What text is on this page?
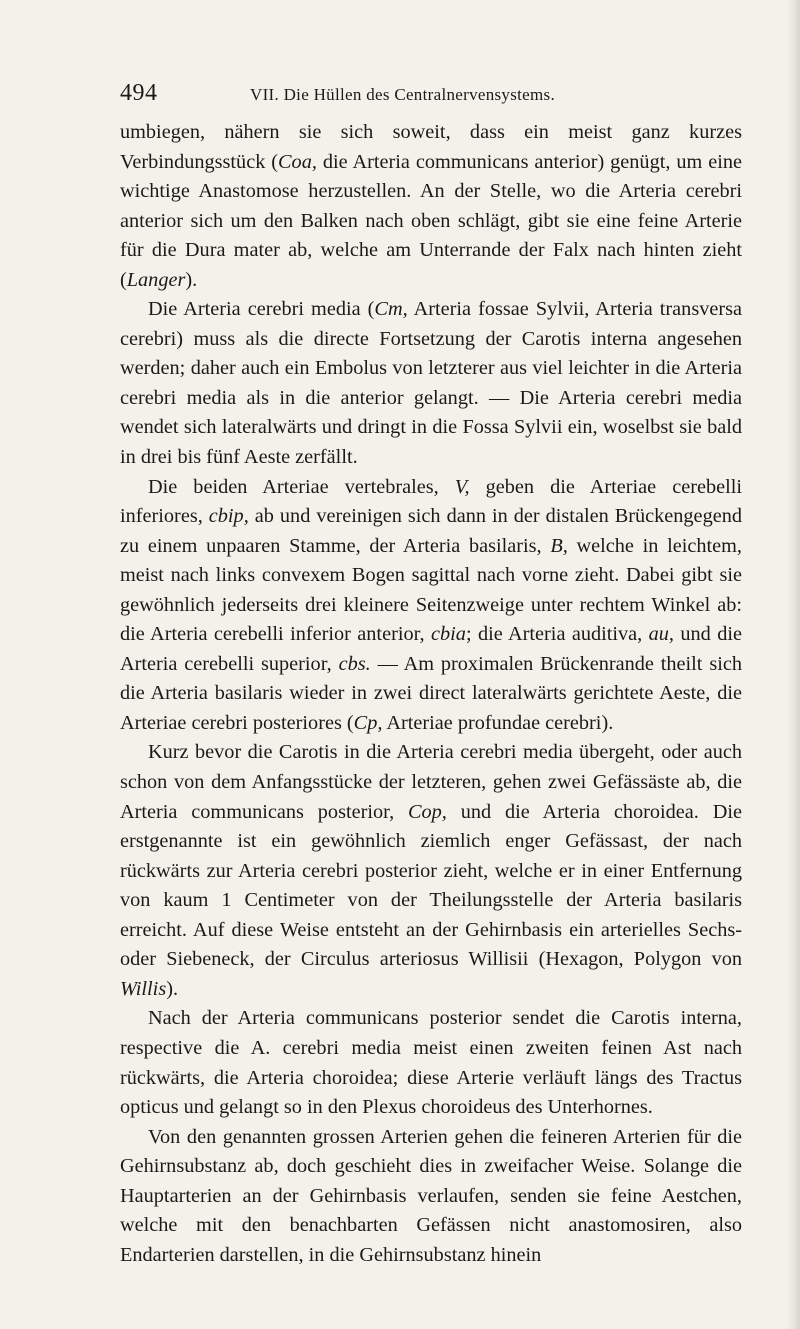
494	VII. Die Hüllen des Centralnervensystems.

umbiegen, nähern sie sich soweit, dass ein meist ganz kurzes Verbindungsstück (Coa, die Arteria communicans anterior) genügt, um eine wichtige Anastomose herzustellen. An der Stelle, wo die Arteria cerebri anterior sich um den Balken nach oben schlägt, gibt sie eine feine Arterie für die Dura mater ab, welche am Unterrande der Falx nach hinten zieht (Langer).

Die Arteria cerebri media (Cm, Arteria fossae Sylvii, Arteria transversa cerebri) muss als die directe Fortsetzung der Carotis interna angesehen werden; daher auch ein Embolus von letzterer aus viel leichter in die Arteria cerebri media als in die anterior gelangt. — Die Arteria cerebri media wendet sich lateralwärts und dringt in die Fossa Sylvii ein, woselbst sie bald in drei bis fünf Aeste zerfällt.

Die beiden Arteriae vertebrales, V, geben die Arteriae cerebelli inferiores, cbip, ab und vereinigen sich dann in der distalen Brückengegend zu einem unpaaren Stamme, der Arteria basilaris, B, welche in leichtem, meist nach links convexem Bogen sagittal nach vorne zieht. Dabei gibt sie gewöhnlich jederseits drei kleinere Seitenzweige unter rechtem Winkel ab: die Arteria cerebelli inferior anterior, cbia; die Arteria auditiva, au, und die Arteria cerebelli superior, cbs. — Am proximalen Brückenrande theilt sich die Arteria basilaris wieder in zwei direct lateralwärts gerichtete Aeste, die Arteriae cerebri posteriores (Cp, Arteriae profundae cerebri).

Kurz bevor die Carotis in die Arteria cerebri media übergeht, oder auch schon von dem Anfangsstücke der letzteren, gehen zwei Gefässäste ab, die Arteria communicans posterior, Cop, und die Arteria choroidea. Die erstgenannte ist ein gewöhnlich ziemlich enger Gefässast, der nach rückwärts zur Arteria cerebri posterior zieht, welche er in einer Entfernung von kaum 1 Centimeter von der Theilungsstelle der Arteria basilaris erreicht. Auf diese Weise entsteht an der Gehirnbasis ein arterielles Sechs- oder Siebeneck, der Circulus arteriosus Willisii (Hexagon, Polygon von Willis).

Nach der Arteria communicans posterior sendet die Carotis interna, respective die A. cerebri media meist einen zweiten feinen Ast nach rückwärts, die Arteria choroidea; diese Arterie verläuft längs des Tractus opticus und gelangt so in den Plexus choroideus des Unterhornes.

Von den genannten grossen Arterien gehen die feineren Arterien für die Gehirnsubstanz ab, doch geschieht dies in zweifacher Weise. Solange die Hauptarterien an der Gehirnbasis verlaufen, senden sie feine Aestchen, welche mit den benachbarten Gefässen nicht anastomosiren, also Endarterien darstellen, in die Gehirnsubstanz hinein
